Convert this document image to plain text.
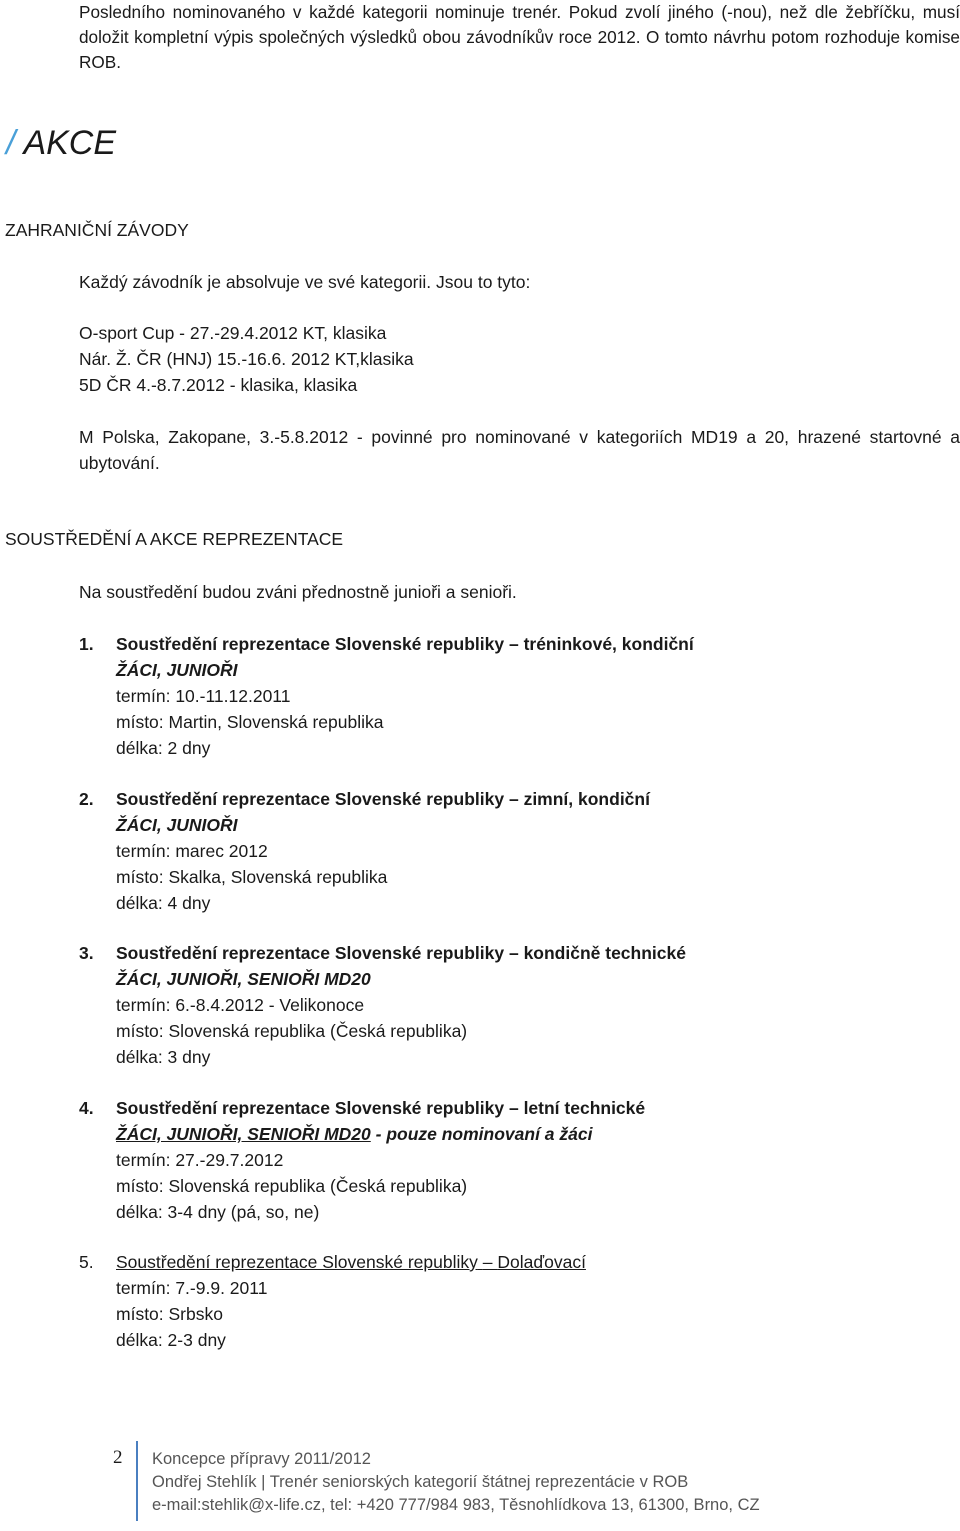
Posledního nominovaného v každé kategorii nominuje trenér. Pokud zvolí jiného (-nou), než dle žebříčku, musí doložit kompletní výpis společných výsledků obou závodníkův roce 2012. O tomto návrhu potom rozhoduje komise ROB.
/ AKCE
ZAHRANIČNÍ ZÁVODY
Každý závodník je absolvuje ve své kategorii. Jsou to tyto:
O-sport Cup - 27.-29.4.2012 KT, klasika
Nár. Ž. ČR (HNJ) 15.-16.6. 2012 KT,klasika
5D ČR 4.-8.7.2012 - klasika, klasika
M Polska, Zakopane, 3.-5.8.2012 - povinné pro nominované v kategoriích MD19 a 20, hrazené startovné a ubytování.
SOUSTŘEDĚNÍ A AKCE REPREZENTACE
Na soustředění budou zváni přednostně junioři a senioři.
1. Soustředění reprezentace Slovenské republiky – tréninkové, kondiční
ŽÁCI, JUNIOŘI
termín: 10.-11.12.2011
místo: Martin, Slovenská republika
délka: 2 dny
2. Soustředění reprezentace Slovenské republiky – zimní, kondiční
ŽÁCI, JUNIOŘI
termín: marec 2012
místo: Skalka, Slovenská republika
délka: 4 dny
3. Soustředění reprezentace Slovenské republiky – kondičně technické
ŽÁCI, JUNIOŘI, SENIOŘI MD20
termín: 6.-8.4.2012 - Velikonoce
místo: Slovenská republika (Česká republika)
délka: 3 dny
4. Soustředění reprezentace Slovenské republiky – letní technické
ŽÁCI, JUNIOŘI, SENIOŘI MD20 - pouze nominovaní a žáci
termín: 27.-29.7.2012
místo: Slovenská republika (Česká republika)
délka: 3-4 dny (pá, so, ne)
5. Soustředění reprezentace Slovenské republiky – Dolaďovací
termín: 7.-9.9. 2011
místo: Srbsko
délka: 2-3 dny
2 Koncepce přípravy 2011/2012
Ondřej Stehlík | Trenér seniorských kategorií štátnej reprezentácie v ROB
e-mail:stehlik@x-life.cz, tel: +420 777/984 983, Těsnohlídkova 13, 61300, Brno, CZ
